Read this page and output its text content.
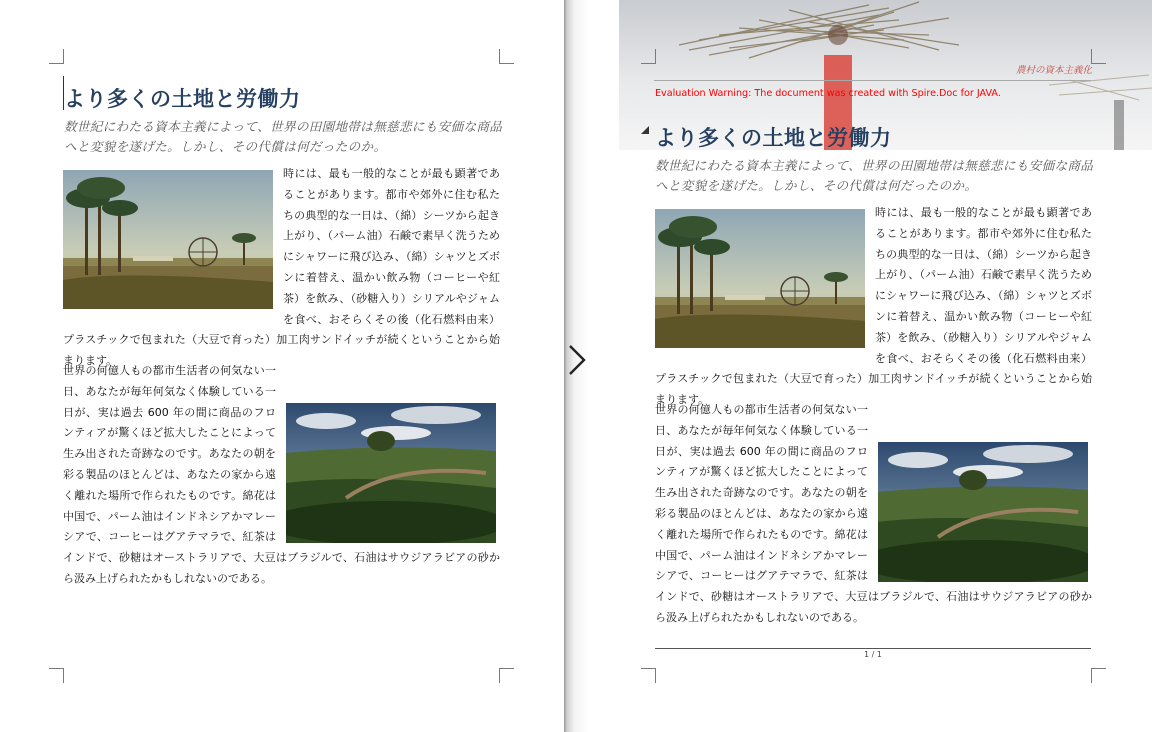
より多くの土地と労働力

数世紀にわたる資本主義によって、世界の田園地帯は無慈悲にも安価な商品へと変貌を遂げた。しかし、その代償は何だったのか。

時には、最も一般的なことが最も顕著であることがあります。都市や郊外に住む私たちの典型的な一日は、（綿）シーツから起き上がり、（パーム油）石鹸で素早く洗うためにシャワーに飛び込み、（綿）シャツとズボンに着替え、温かい飲み物（コーヒーや紅茶）を飲み、（砂糖入り）シリアルやジャムを食べ、おそらくその後（化石燃料由来）プラスチックで包まれた（大豆で育った）加工肉サンドイッチが続くということから始まります。
世界の何億人もの都市生活者の何気ない一日、あなたが毎年何気なく体験している一日が、実は過去 600 年の間に商品のフロンティアが驚くほど拡大したことによって生み出された奇跡なのです。あなたの朝を彩る製品のほとんどは、あなたの家から遠く離れた場所で作られたものです。綿花は中国で、パーム油はインドネシアかマレーシアで、コーヒーはグアテマラで、紅茶はインドで、砂糖はオーストラリアで、大豆はブラジルで、石油はサウジアラビアの砂から汲み上げられたかもしれないのである。
農村の資本主義化
Evaluation Warning: The document was created with Spire.Doc for JAVA.
より多くの土地と労働力

数世紀にわたる資本主義によって、世界の田園地帯は無慈悲にも安価な商品へと変貌を遂げた。しかし、その代償は何だったのか。

時には、最も一般的なことが最も顕著であることがあります。都市や郊外に住む私たちの典型的な一日は、（綿）シーツから起き上がり、（パーム油）石鹸で素早く洗うためにシャワーに飛び込み、（綿）シャツとズボンに着替え、温かい飲み物（コーヒーや紅茶）を飲み、（砂糖入り）シリアルやジャムを食べ、おそらくその後（化石燃料由来）プラスチックで包まれた（大豆で育った）加工肉サンドイッチが続くということから始まります。
世界の何億人もの都市生活者の何気ない一日、あなたが毎年何気なく体験している一日が、実は過去 600 年の間に商品のフロンティアが驚くほど拡大したことによって生み出された奇跡なのです。あなたの朝を彩る製品のほとんどは、あなたの家から遠く離れた場所で作られたものです。綿花は中国で、パーム油はインドネシアかマレーシアで、コーヒーはグアテマラで、紅茶はインドで、砂糖はオーストラリアで、大豆はブラジルで、石油はサウジアラビアの砂から汲み上げられたかもしれないのである。
1 / 1
